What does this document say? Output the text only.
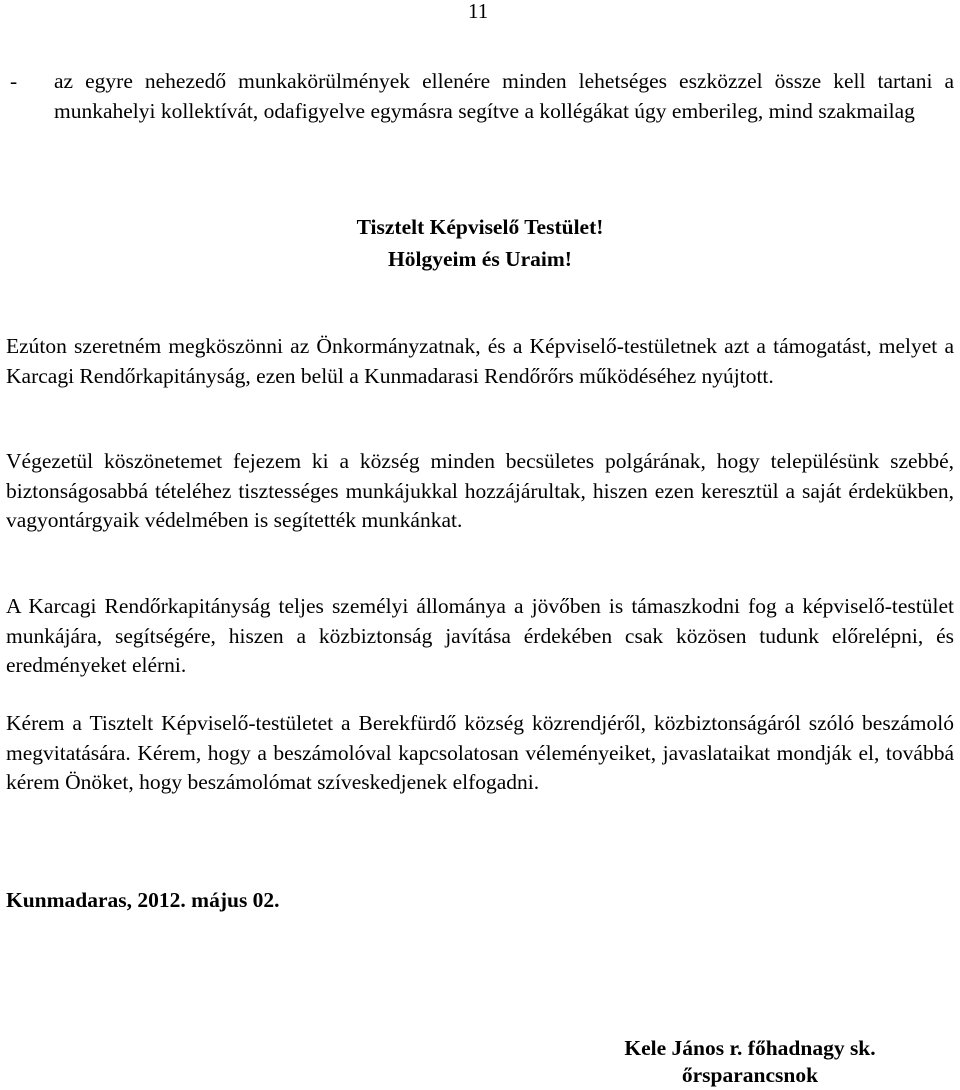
11
- az egyre nehezedő munkakörülmények ellenére minden lehetséges eszközzel össze kell tartani a munkahelyi kollektívát, odafigyelve egymásra segítve a kollégákat úgy emberileg, mind szakmailag
Tisztelt Képviselő Testület!
Hölgyeim és Uraim!

Ezúton szeretném megköszönni az Önkormányzatnak, és a Képviselő-testületnek azt a támogatást, melyet a Karcagi Rendőrkapitányság, ezen belül a Kunmadarasi Rendőrőrs működéséhez nyújtott.

Végezetül köszönetemet fejezem ki a község minden becsületes polgárának, hogy településünk szebbé, biztonságosabbá tételéhez tisztességes munkájukkal hozzájárultak, hiszen ezen keresztül a saját érdekükben, vagyontárgyaik védelmében is segítették munkánkat.

A Karcagi Rendőrkapitányság teljes személyi állománya a jövőben is támaszkodni fog a képviselő-testület munkájára, segítségére, hiszen a közbiztonság javítása érdekében csak közösen tudunk előrelépni, és eredményeket elérni.

Kérem a Tisztelt Képviselő-testületet a Berekfürdő község közrendjéről, közbiztonságáról szóló beszámoló megvitatására. Kérem, hogy a beszámolóval kapcsolatosan véleményeiket, javaslataikat mondják el, továbbá kérem Önöket, hogy beszámolómat szíveskedjenek elfogadni.

Kunmadaras, 2012. május 02.
Kele János r. főhadnagy sk.
őrsparancsnok
